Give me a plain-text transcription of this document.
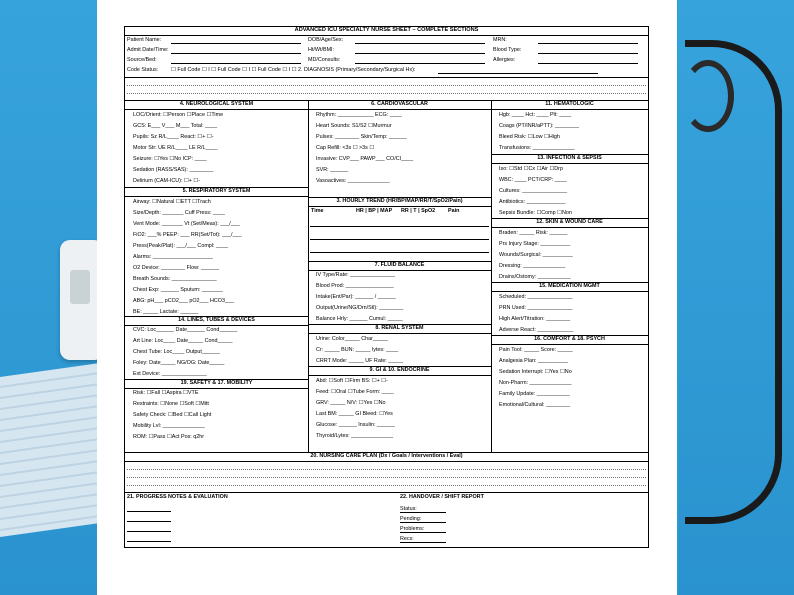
ADVANCED ICU SPECIALTY NURSE SHEET – COMPLETE SECTIONS
Patient Name:
Admit Date/Time:
Source/Bed:
Code Status: ☐ Full Code ☐ I ☐ Full Code ☐ I ☐ Full Code ☐ I ☐ 2. DIAGNOSIS (Primary/Secondary/Surgical Hx):
DOB/Age/Sex:
Ht/Wt/BMI:
MD/Consults:
MRN:
Blood Type:
Allergies:
4. NEUROLOGICAL SYSTEM
LOC/Orient: ☐Person ☐Place ☐Time
GCS: E___ V___ M___ Total: ____
Pupils: Sz R/L____ React: ☐+ ☐-
Motor Str: UE R/L____ LE R/L____
Seizure: ☐Yes ☐No ICP: ____
Sedation (RASS/SAS): ________
Delirium (CAM-ICU): ☐+ ☐-
5. RESPIRATORY SYSTEM
Airway: ☐Natural ☐ETT ☐Trach
Size/Depth: _______ Cuff Press: ____
Vent Mode: _______ Vt (Set/Meas): ___/___
FiO2: ___% PEEP: ___ RR(Set/Tot): ___/___
Press(Peak/Plat): ___/___ Compl: ____
Alarms: ____________________
O2 Device: ________ Flow: ______
Breath Sounds: _______________
Chest Exp: ______ Sputum: _______
ABG: pH___ pCO2___ pO2___ HCO3___
BE: _____ Lactate: ______
14. LINES, TUBES & DEVICES
CVC: Loc______ Date______ Cond______
Art Line: Loc____ Date_____ Cond_____
Chest Tube: Loc____ Output______
Foley: Date_____ NG/OG: Date_____
Ext Device: _______________
19. SAFETY & 17. MOBILITY
Risk: ☐Fall ☐Aspira ☐VTE
Restraints: ☐None ☐Soft ☐Mitt
Safety Check: ☐Bed ☐Call Light
Mobility Lvl: ______________
ROM: ☐Pass ☐Act Pos: q2hr
6. CARDIOVASCULAR
Rhythm: ____________ ECG: ____
Heart Sounds: S1/S2 ☐Murmur
Pulses: ________ Skin/Temp: ______
Cap Refill: <3s ☐ >3s ☐
Invasive: CVP___ PAWP___ CO/CI____
SVR: ______
Vasoactives: ______________
3. HOURLY TREND (HR/BP/MAP/RR/T/SpO2/Pain)
Time	HR | BP | MAP RR | T | SpO2 Pain
7. FLUID BALANCE
IV Type/Rate: _______________
Blood Prod: ________________
Intake(Ent/Par): ______ / ______
Output(Urine/NG/Drn/Stl): ________
Balance Hrly: ______ Cumul: _____
8. RENAL SYSTEM
Urine: Color_____ Char_____
Cr: _____ BUN: _____ lytes: ____
CRRT Mode: _____ UF Rate: _____
9. GI & 10. ENDOCRINE
Abd: ☐Soft ☐Firm BS: ☐+ ☐-
Feed: ☐Oral ☐Tube Form: ____
GRV: _____ N/V: ☐Yes ☐No
Last BM: _____ GI Bleed: ☐Yes
Glucose: ______ Insulin: ______
Thyroid/Lytes: ______________
11. HEMATOLOGIC
Hgb: ____ Hct: ____ Plt: ____
Coags (PT/INR/aPTT): ________
Bleed Risk: ☐Low ☐High
Transfusions: ______________
13. INFECTION & SEPSIS
Iso: ☐Std ☐Cx ☐Air ☐Drp
WBC: ____ PCT/CRP: ____
Cultures: _______________
Antibiotics: _____________
Sepsis Bundle: ☐Comp ☐Non
12. SKIN & WOUND CARE
Braden: _____ Risk: ______
Prs Injury Stage: __________
Wounds/Surgical: __________
Dressing: ______________
Drains/Ostomy: ___________
15. MEDICATION MGMT
Scheduled: _______________
PRN Used: _______________
High Alert/Titration: ________
Adverse React: ____________
16. COMFORT & 18. PSYCH
Pain Tool: _____ Score: _____
Analgesia Plan: __________
Sedation Interrupt: ☐Yes ☐No
Non-Pharm: ______________
Family Update: ___________
Emotional/Cultural: ________
20. NURSING CARE PLAN (Dx / Goals / Interventions / Eval)
21. PROGRESS NOTES & EVALUATION	22. HANDOVER / SHIFT REPORT
Status:
Pending:
Problems:
Recs:
